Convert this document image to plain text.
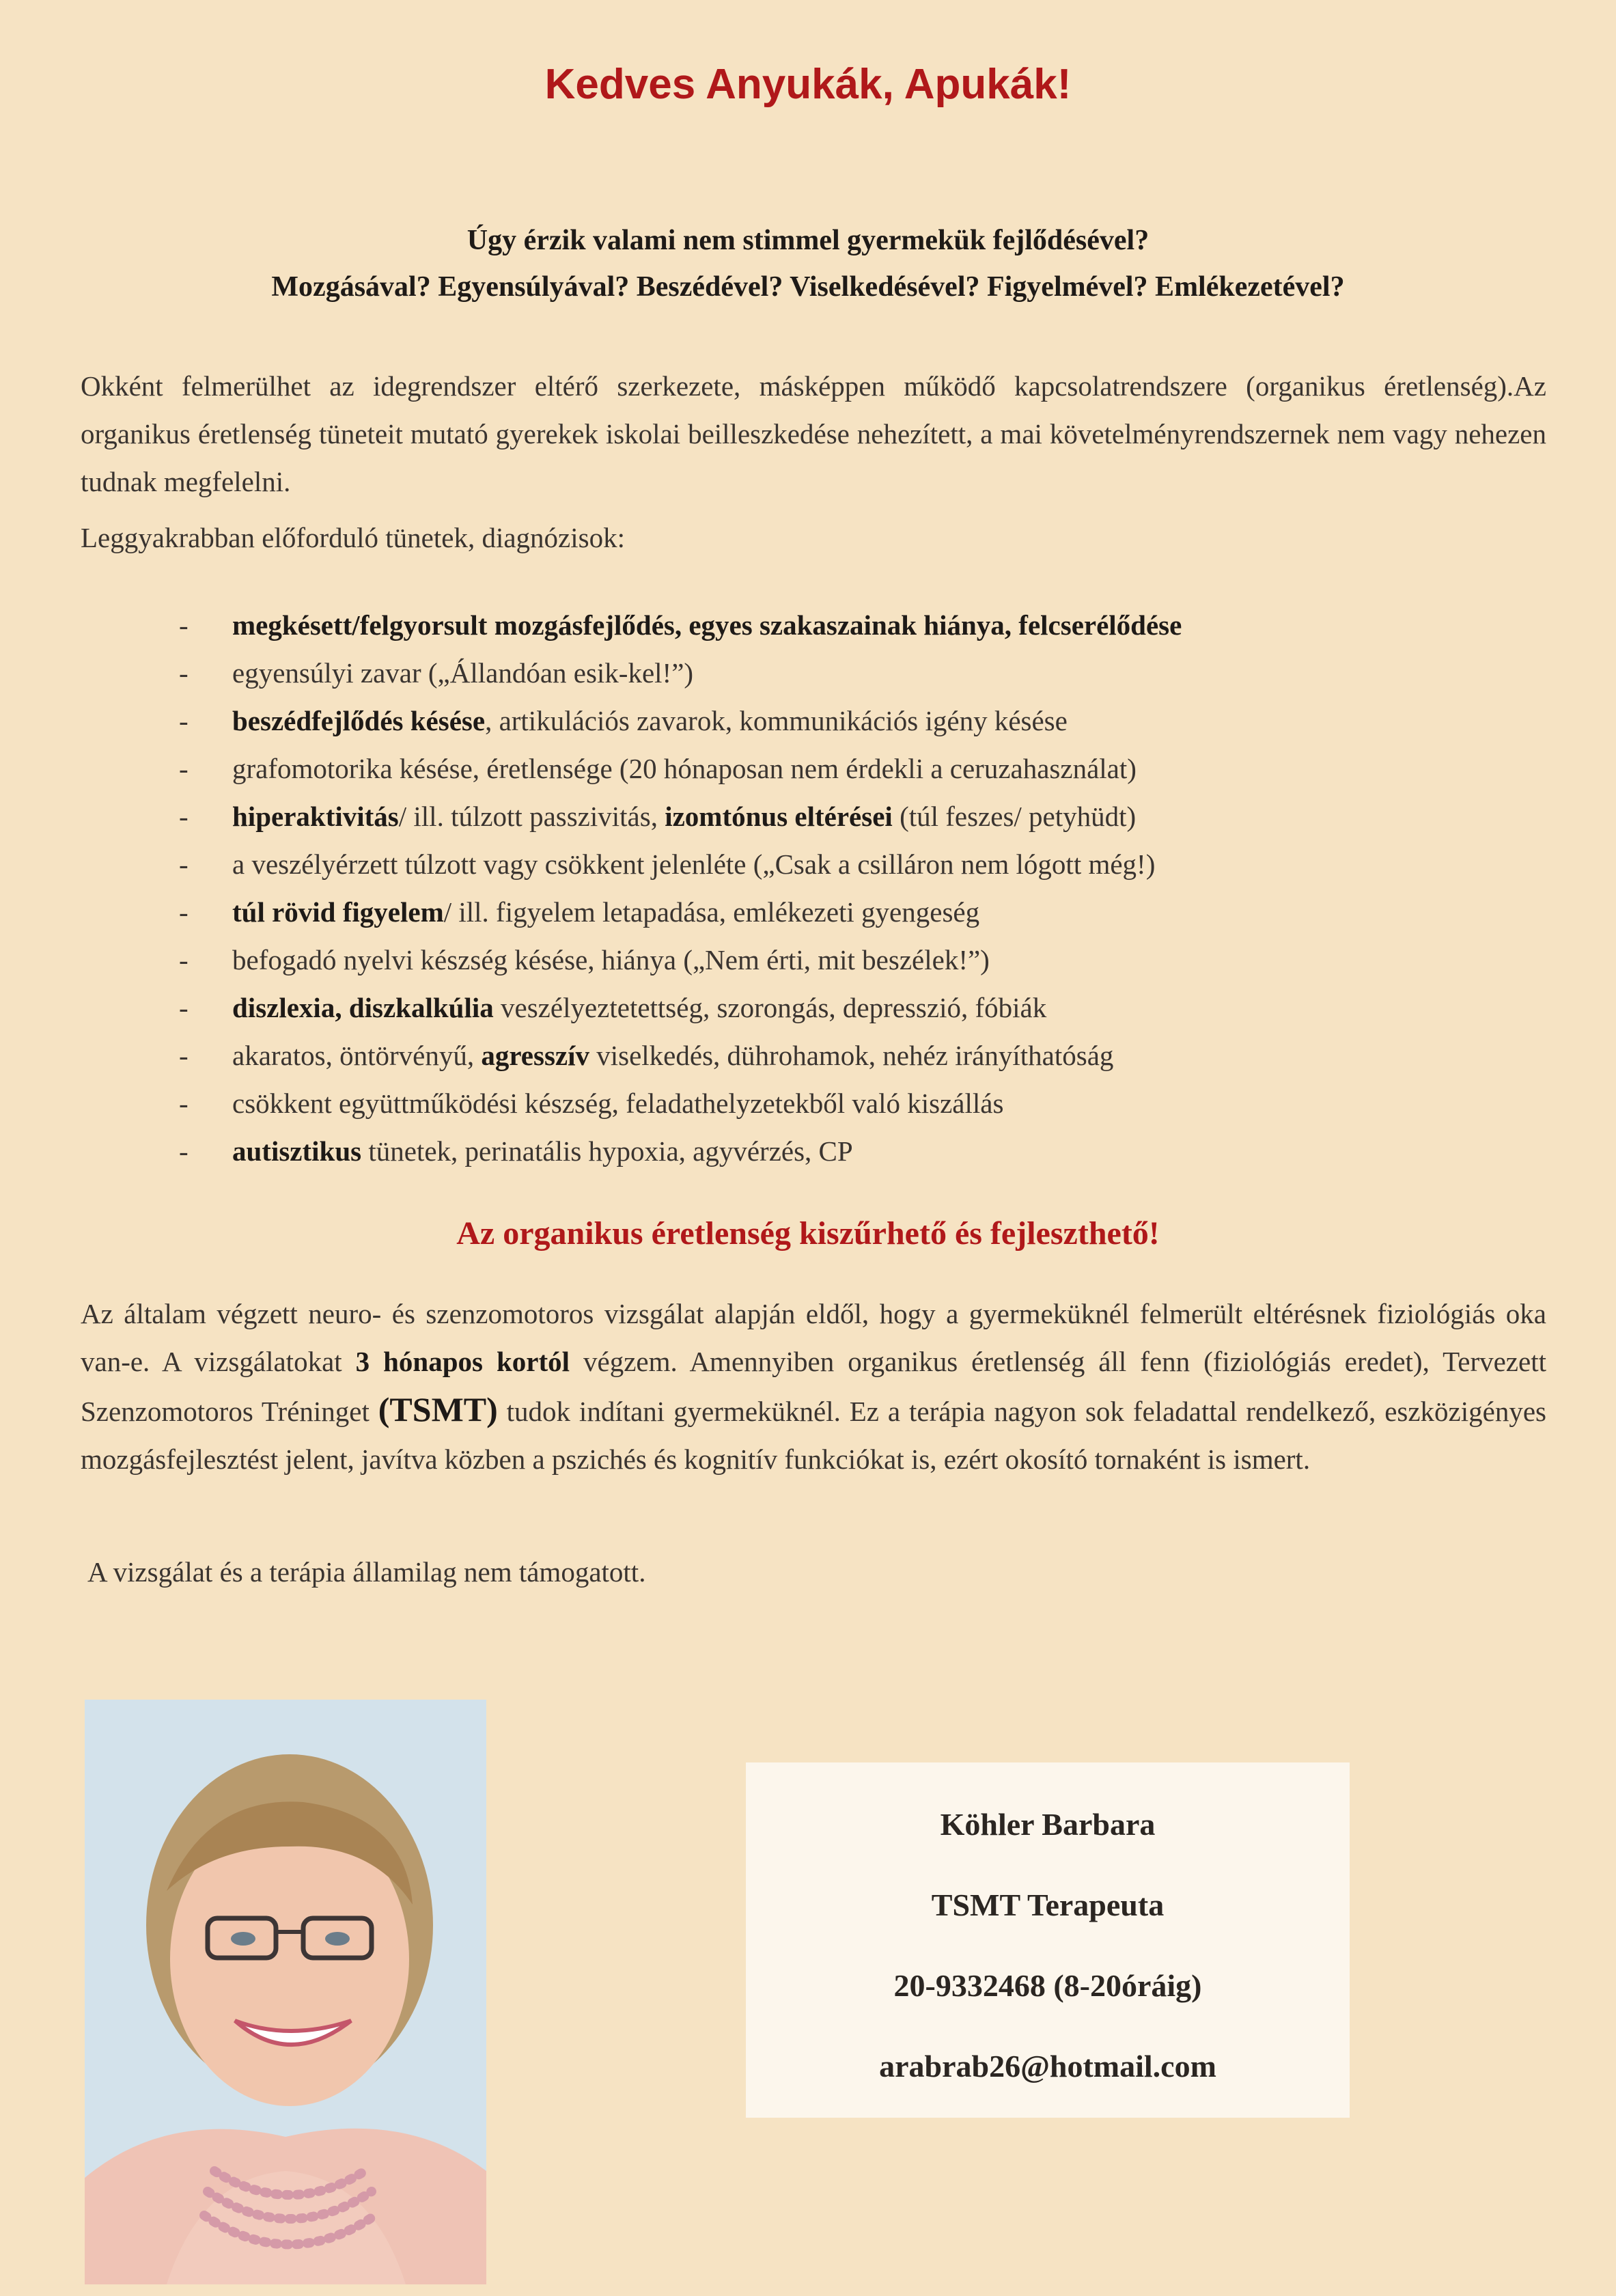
Kedves Anyukák, Apukák!
Úgy érzik valami nem stimmel gyermekük fejlődésével?
Mozgásával? Egyensúlyával? Beszédével? Viselkedésével? Figyelmével? Emlékezetével?

Okként felmerülhet az idegrendszer eltérő szerkezete, másképpen működő kapcsolatrendszere (organikus éretlenség).Az organikus éretlenség tüneteit mutató gyerekek iskolai beilleszkedése nehezített, a mai követelményrendszernek nem vagy nehezen tudnak megfelelni.

Leggyakrabban előforduló tünetek, diagnózisok:

- megkésett/felgyorsult mozgásfejlődés, egyes szakaszainak hiánya, felcserélődése
- egyensúlyi zavar („Állandóan esik-kel!”)
- beszédfejlődés késése, artikulációs zavarok, kommunikációs igény késése
- grafomotorika késése, éretlensége (20 hónaposan nem érdekli a ceruzahasználat)
- hiperaktivitás/ ill. túlzott passzivitás, izomtónus eltérései (túl feszes/ petyhüdt)
- a veszélyérzett túlzott vagy csökkent jelenléte („Csak a csilláron nem lógott még!)
- túl rövid figyelem/ ill. figyelem letapadása, emlékezeti gyengeség
- befogadó nyelvi készség késése, hiánya („Nem érti, mit beszélek!”)
- diszlexia, diszkalkúlia veszélyeztetettség, szorongás, depresszió, fóbiák
- akaratos, öntörvényű, agresszív viselkedés, dührohamok, nehéz irányíthatóság
- csökkent együttműködési készség, feladathelyzetekből való kiszállás
- autisztikus tünetek, perinatális hypoxia, agyvérzés, CP
Az organikus éretlenség kiszűrhető és fejleszthető!

Az általam végzett neuro- és szenzomotoros vizsgálat alapján eldől, hogy a gyermeküknél felmerült eltérésnek fiziológiás oka van-e. A vizsgálatokat 3 hónapos kortól végzem. Amennyiben organikus éretlenség áll fenn (fiziológiás eredet), Tervezett Szenzomotoros Tréninget (TSMT) tudok indítani gyermeküknél. Ez a terápia nagyon sok feladattal rendelkező, eszközigényes mozgásfejlesztést jelent, javítva közben a pszichés és kognitív funkciókat is, ezért okosító tornaként is ismert.

A vizsgálat és a terápia államilag nem támogatott.

Köhler Barbara
TSMT Terapeuta
20-9332468 (8-20óráig)
arabrab26@hotmail.com
